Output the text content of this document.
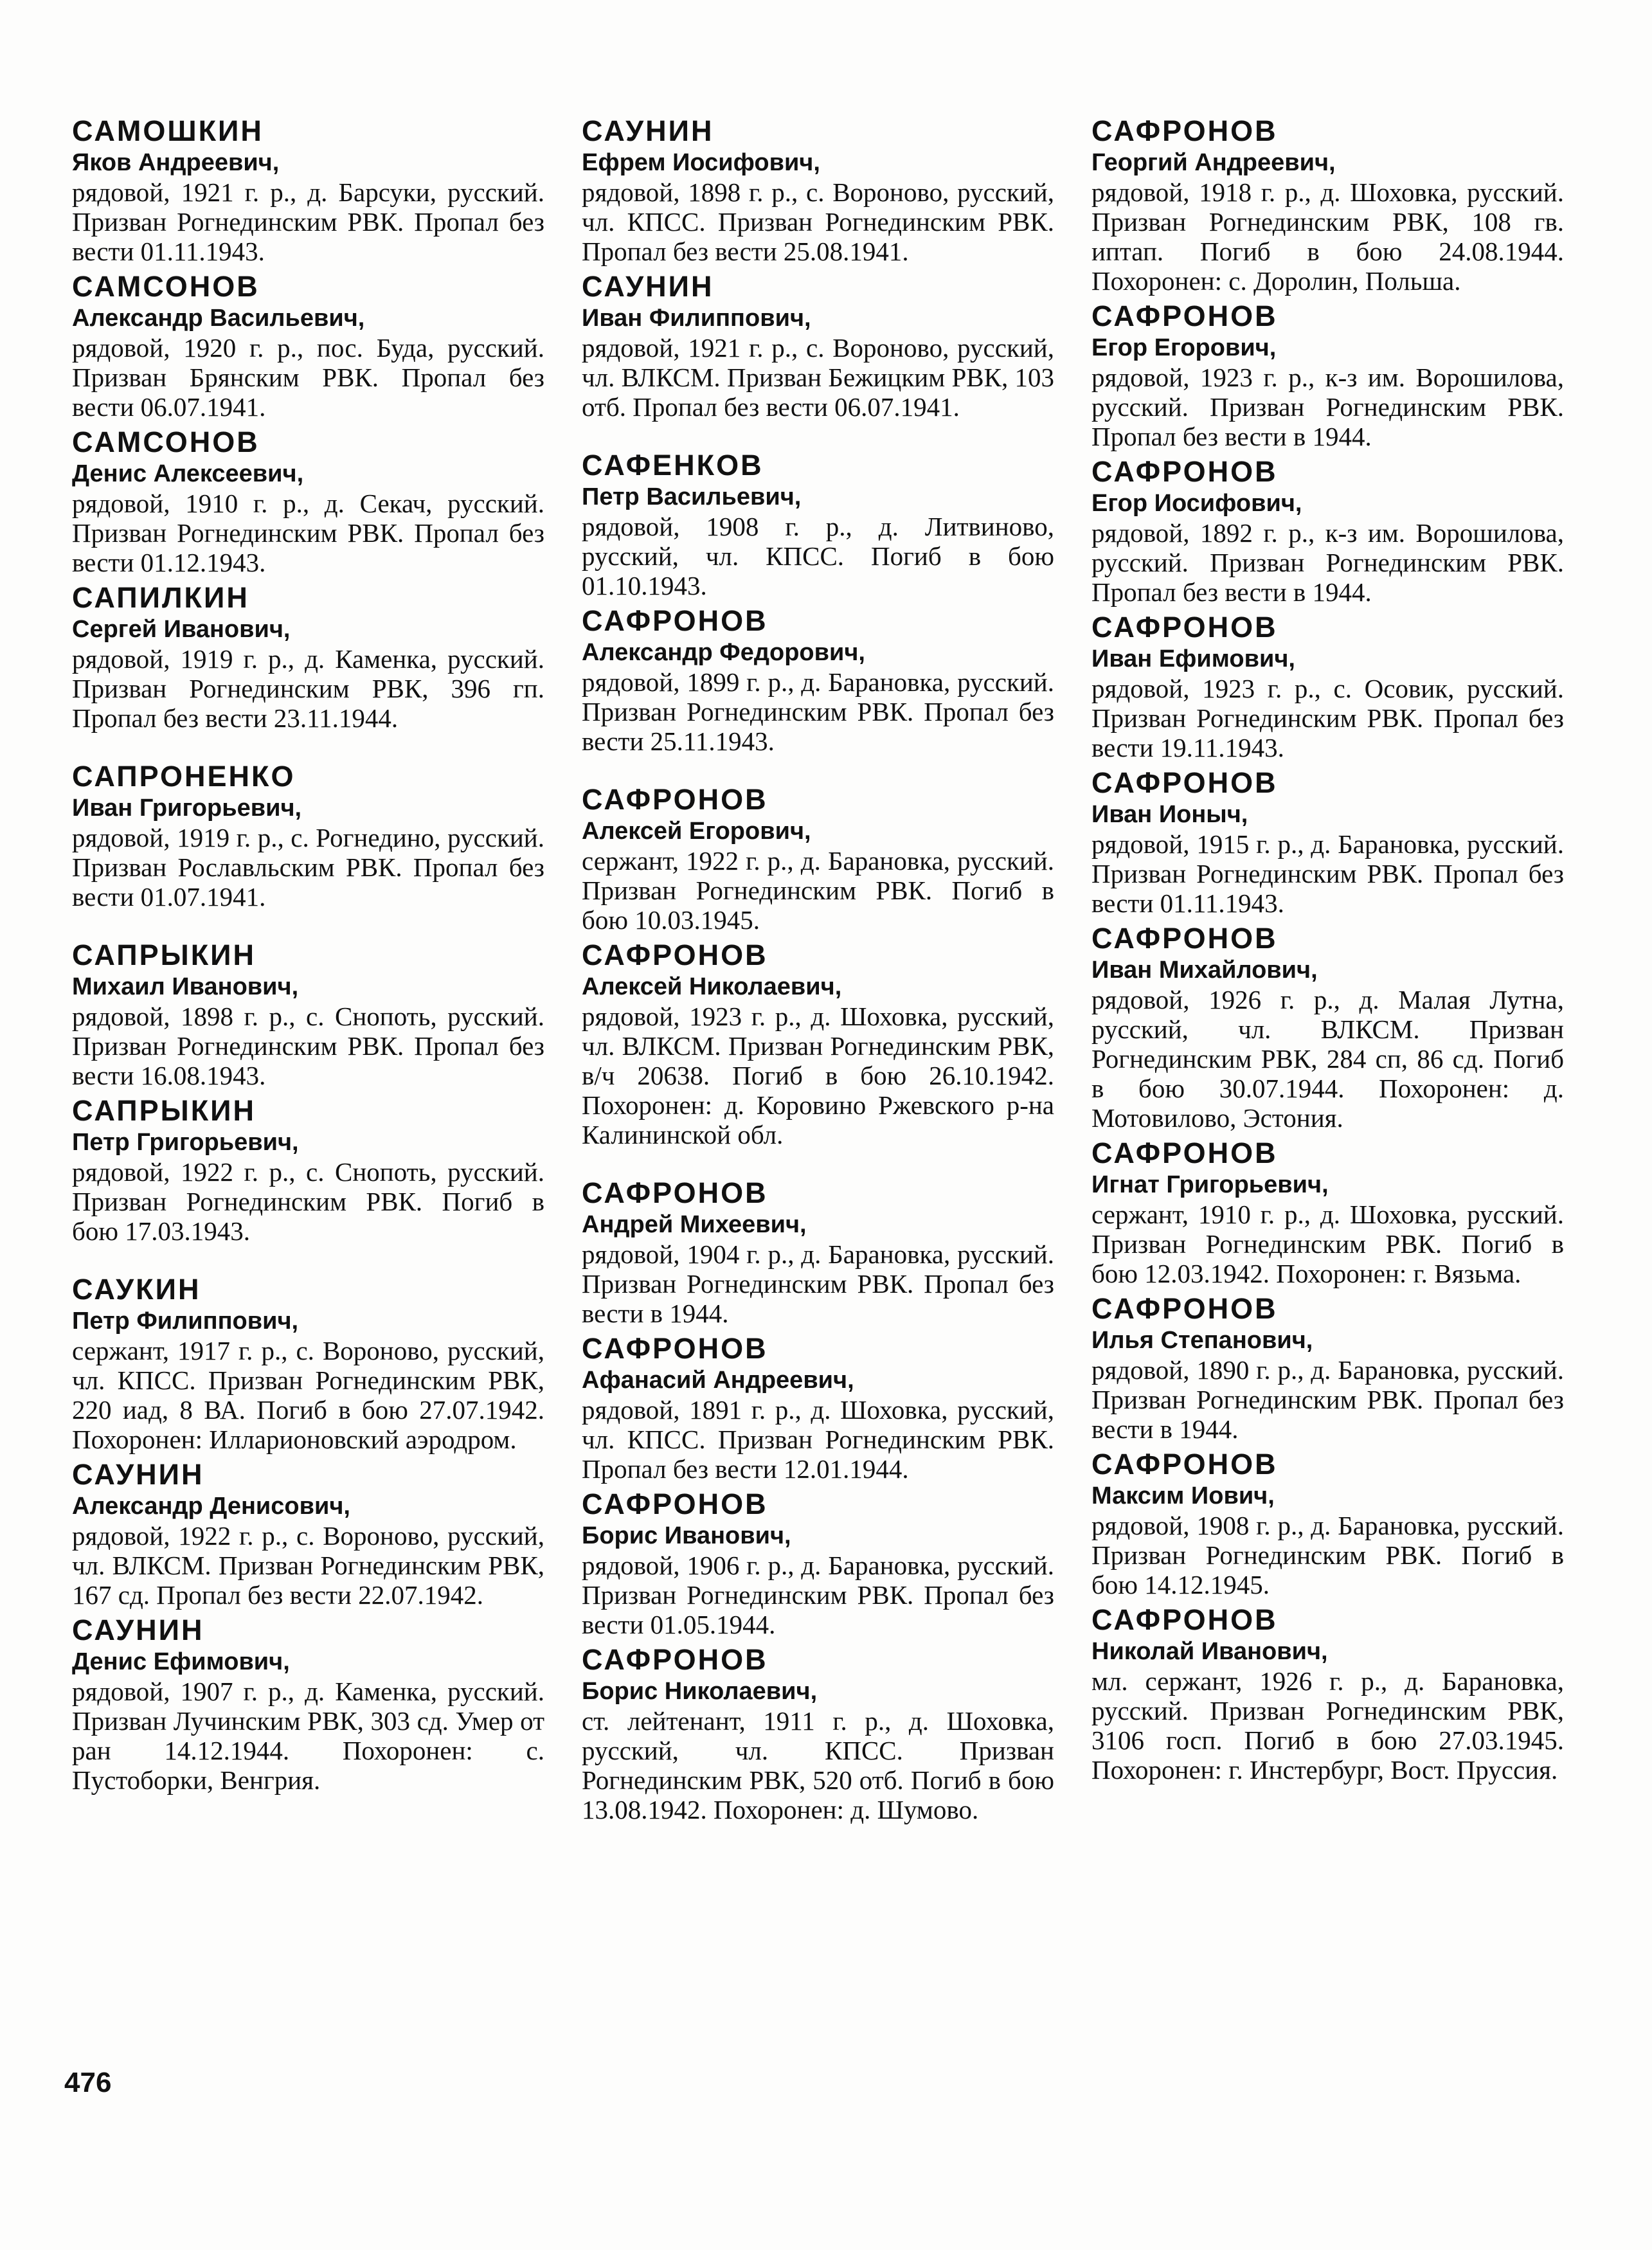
САМОШКИН
Яков Андреевич,
рядовой, 1921 г. р., д. Барсуки, русский. Призван Рогнединским РВК. Пропал без вести 01.11.1943.
САМСОНОВ
Александр Васильевич,
рядовой, 1920 г. р., пос. Буда, русский. Призван Брянским РВК. Пропал без вести 06.07.1941.
САМСОНОВ
Денис Алексеевич,
рядовой, 1910 г. р., д. Секач, русский. Призван Рогнединским РВК. Пропал без вести 01.12.1943.
САПИЛКИН
Сергей Иванович,
рядовой, 1919 г. р., д. Каменка, русский. Призван Рогнединским РВК, 396 гп. Пропал без вести 23.11.1944.
САПРОНЕНКО
Иван Григорьевич,
рядовой, 1919 г. р., с. Рогнедино, русский. Призван Рославльским РВК. Пропал без вести 01.07.1941.
САПРЫКИН
Михаил Иванович,
рядовой, 1898 г. р., с. Снопоть, русский. Призван Рогнединским РВК. Пропал без вести 16.08.1943.
САПРЫКИН
Петр Григорьевич,
рядовой, 1922 г. р., с. Снопоть, русский. Призван Рогнединским РВК. Погиб в бою 17.03.1943.
САУКИН
Петр Филиппович,
сержант, 1917 г. р., с. Вороново, русский, чл. КПСС. Призван Рогнединским РВК, 220 иад, 8 ВА. Погиб в бою 27.07.1942. Похоронен: Илларионовский аэродром.
САУНИН
Александр Денисович,
рядовой, 1922 г. р., с. Вороново, русский, чл. ВЛКСМ. Призван Рогнединским РВК, 167 сд. Пропал без вести 22.07.1942.
САУНИН
Денис Ефимович,
рядовой, 1907 г. р., д. Каменка, русский. Призван Лучинским РВК, 303 сд. Умер от ран 14.12.1944. Похоронен: с. Пустоборки, Венгрия.
САУНИН
Ефрем Иосифович,
рядовой, 1898 г. р., с. Вороново, русский, чл. КПСС. Призван Рогнединским РВК. Пропал без вести 25.08.1941.
САУНИН
Иван Филиппович,
рядовой, 1921 г. р., с. Вороново, русский, чл. ВЛКСМ. Призван Бежицким РВК, 103 отб. Пропал без вести 06.07.1941.
САФЕНКОВ
Петр Васильевич,
рядовой, 1908 г. р., д. Литвиново, русский, чл. КПСС. Погиб в бою 01.10.1943.
САФРОНОВ
Александр Федорович,
рядовой, 1899 г. р., д. Барановка, русский. Призван Рогнединским РВК. Пропал без вести 25.11.1943.
САФРОНОВ
Алексей Егорович,
сержант, 1922 г. р., д. Барановка, русский. Призван Рогнединским РВК. Погиб в бою 10.03.1945.
САФРОНОВ
Алексей Николаевич,
рядовой, 1923 г. р., д. Шоховка, русский, чл. ВЛКСМ. Призван Рогнединским РВК, в/ч 20638. Погиб в бою 26.10.1942. Похоронен: д. Коровино Ржевского р-на Калининской обл.
САФРОНОВ
Андрей Михеевич,
рядовой, 1904 г. р., д. Барановка, русский. Призван Рогнединским РВК. Пропал без вести в 1944.
САФРОНОВ
Афанасий Андреевич,
рядовой, 1891 г. р., д. Шоховка, русский, чл. КПСС. Призван Рогнединским РВК. Пропал без вести 12.01.1944.
САФРОНОВ
Борис Иванович,
рядовой, 1906 г. р., д. Барановка, русский. Призван Рогнединским РВК. Пропал без вести 01.05.1944.
САФРОНОВ
Борис Николаевич,
ст. лейтенант, 1911 г. р., д. Шоховка, русский, чл. КПСС. Призван Рогнединским РВК, 520 отб. Погиб в бою 13.08.1942. Похоронен: д. Шумово.
САФРОНОВ
Георгий Андреевич,
рядовой, 1918 г. р., д. Шоховка, русский. Призван Рогнединским РВК, 108 гв. иптап. Погиб в бою 24.08.1944. Похоронен: с. Доролин, Польша.
САФРОНОВ
Егор Егорович,
рядовой, 1923 г. р., к-з им. Ворошилова, русский. Призван Рогнединским РВК. Пропал без вести в 1944.
САФРОНОВ
Егор Иосифович,
рядовой, 1892 г. р., к-з им. Ворошилова, русский. Призван Рогнединским РВК. Пропал без вести в 1944.
САФРОНОВ
Иван Ефимович,
рядовой, 1923 г. р., с. Осовик, русский. Призван Рогнединским РВК. Пропал без вести 19.11.1943.
САФРОНОВ
Иван Ионыч,
рядовой, 1915 г. р., д. Барановка, русский. Призван Рогнединским РВК. Пропал без вести 01.11.1943.
САФРОНОВ
Иван Михайлович,
рядовой, 1926 г. р., д. Малая Лутна, русский, чл. ВЛКСМ. Призван Рогнединским РВК, 284 сп, 86 сд. Погиб в бою 30.07.1944. Похоронен: д. Мотовилово, Эстония.
САФРОНОВ
Игнат Григорьевич,
сержант, 1910 г. р., д. Шоховка, русский. Призван Рогнединским РВК. Погиб в бою 12.03.1942. Похоронен: г. Вязьма.
САФРОНОВ
Илья Степанович,
рядовой, 1890 г. р., д. Барановка, русский. Призван Рогнединским РВК. Пропал без вести в 1944.
САФРОНОВ
Максим Иович,
рядовой, 1908 г. р., д. Барановка, русский. Призван Рогнединским РВК. Погиб в бою 14.12.1945.
САФРОНОВ
Николай Иванович,
мл. сержант, 1926 г. р., д. Барановка, русский. Призван Рогнединским РВК, 3106 госп. Погиб в бою 27.03.1945. Похоронен: г. Инстербург, Вост. Пруссия.
476
